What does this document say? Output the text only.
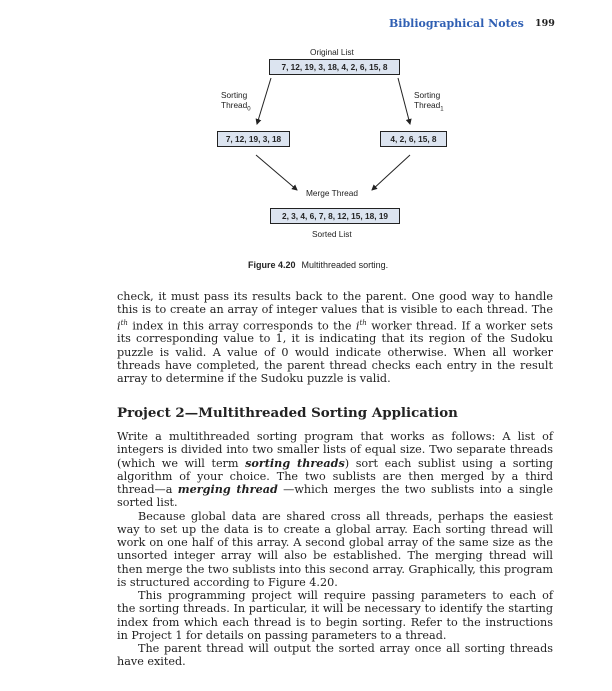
Bibliographical Notes 199
Original List
7, 12, 19, 3, 18, 4, 2, 6, 15, 8
Sorting
Thread$_0$
Sorting
Thread$_1$
7, 12, 19, 3, 18	4, 2, 6, 15, 8
Merge Thread
2, 3, 4, 6, 7, 8, 12, 15, 18, 19
Sorted List
Figure 4.20 Multithreaded sorting.

check, it must pass its results back to the parent. One good way to handle this is to create an array of integer values that is visible to each thread. The $i^{th}$ index in this array corresponds to the $i^{th}$ worker thread. If a worker sets its corresponding value to 1, it is indicating that its region of the Sudoku puzzle is valid. A value of 0 would indicate otherwise. When all worker threads have completed, the parent thread checks each entry in the result array to determine if the Sudoku puzzle is valid.

Project 2—Multithreaded Sorting Application

Write a multithreaded sorting program that works as follows: A list of integers is divided into two smaller lists of equal size. Two separate threads (which we will term sorting threads) sort each sublist using a sorting algorithm of your choice. The two sublists are then merged by a third thread—a merging thread —which merges the two sublists into a single sorted list.

Because global data are shared cross all threads, perhaps the easiest way to set up the data is to create a global array. Each sorting thread will work on one half of this array. A second global array of the same size as the unsorted integer array will also be established. The merging thread will then merge the two sublists into this second array. Graphically, this program is structured according to Figure 4.20.

This programming project will require passing parameters to each of the sorting threads. In particular, it will be necessary to identify the starting index from which each thread is to begin sorting. Refer to the instructions in Project 1 for details on passing parameters to a thread.

The parent thread will output the sorted array once all sorting threads have exited.
